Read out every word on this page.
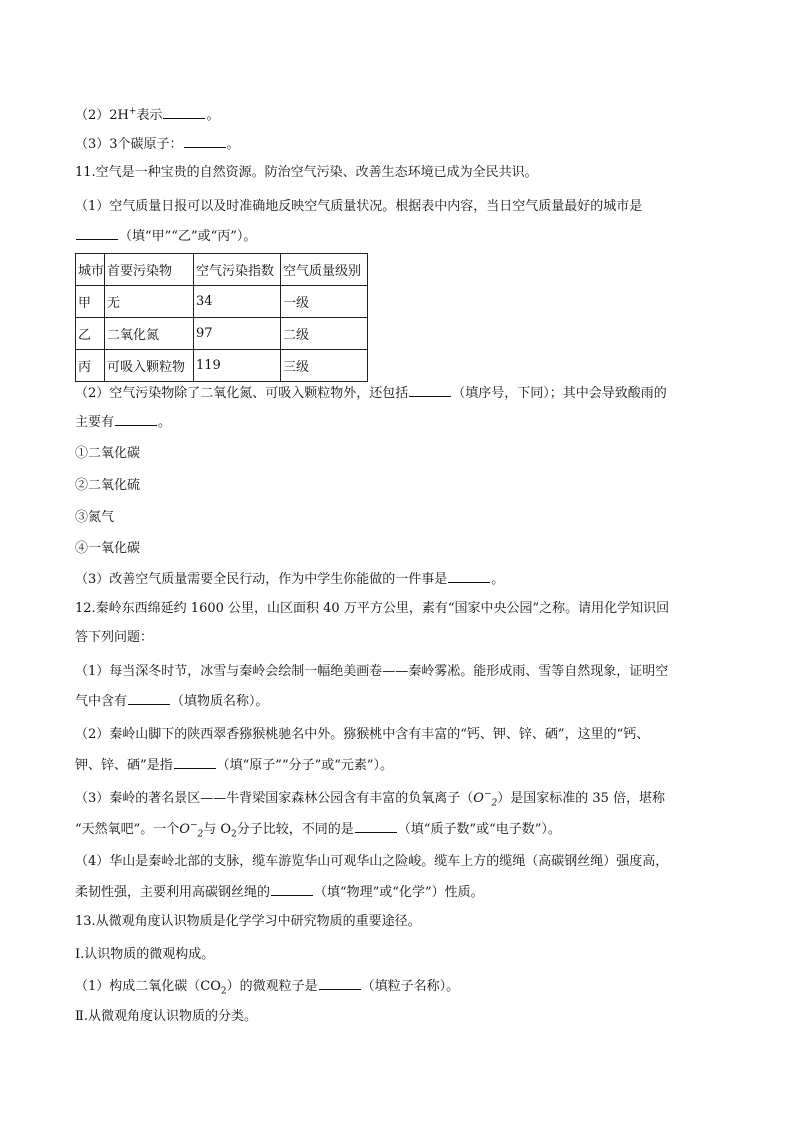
（2）2H+表示	。
（3）3个碳原子：	。
11.空气是一种宝贵的自然资源。防治空气污染、改善生态环境已成为全民共识。
（1）空气质量日报可以及时准确地反映空气质量状况。根据表中内容，当日空气质量最好的城市是
（填“甲”“乙”或“丙”）。
城市	首要污染物	空气污染指数	空气质量级别
甲	无	34	一级
乙	二氧化氮	97	二级
丙	可吸入颗粒物	119	三级
（2）空气污染物除了二氧化氮、可吸入颗粒物外，还包括	（填序号，下同）；其中会导致酸雨的
主要有	。
①二氧化碳
②二氧化硫
③氮气
④一氧化碳
（3）改善空气质量需要全民行动，作为中学生你能做的一件事是	。
12.秦岭东西绵延约 1600 公里，山区面积 40 万平方公里，素有“国家中央公园”之称。请用化学知识回
答下列问题：
（1）每当深冬时节，冰雪与秦岭会绘制一幅绝美画卷——秦岭雾凇。能形成雨、雪等自然现象，证明空
气中含有	（填物质名称）。
（2）秦岭山脚下的陕西翠香猕猴桃驰名中外。猕猴桃中含有丰富的“钙、钾、锌、硒”，这里的“钙、
钾、锌、硒”是指	（填“原子”“分子”或“元素”）。
（3）秦岭的著名景区——牛背梁国家森林公园含有丰富的负氧离子$(O^-_2)$是国家标准的 35 倍，堪称
“天然氧吧”。一个$O^-_2$与 $O_2$分子比较，不同的是	（填“质子数”或“电子数”）。
（4）华山是秦岭北部的支脉，缆车游览华山可观华山之险峻。缆车上方的缆绳（高碳钢丝绳）强度高，
柔韧性强，主要利用高碳钢丝绳的	（填“物理”或“化学”）性质。
13.从微观角度认识物质是化学学习中研究物质的重要途径。
Ⅰ.认识物质的微观构成。
（1）构成二氧化碳$(CO_2)$的微观粒子是	（填粒子名称）。
Ⅱ.从微观角度认识物质的分类。
